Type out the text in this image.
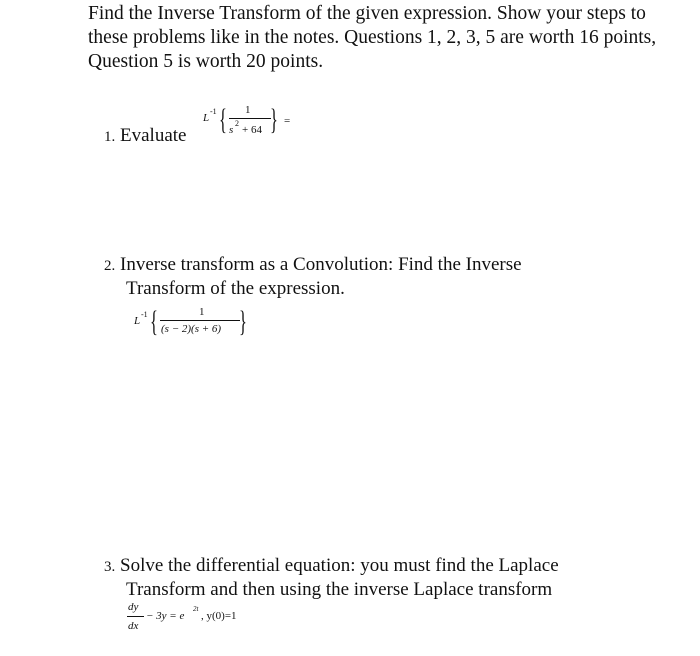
Find the Inverse Transform of the given expression. Show your steps to these problems like in the notes. Questions 1, 2, 3, 5 are worth 16 points, Question 5 is worth 20 points.

1. Evaluate
L
-1 { 1
s
2
+ 64 } =
2. Inverse transform as a Convolution: Find the Inverse
Transform of the expression.
L
-1 {	1
(s − 2)(s + 6) }
3. Solve the differential equation: you must find the Laplace
Transform and then using the inverse Laplace transform
dy
dx
− 3y = e
2t
, y(0)=1
